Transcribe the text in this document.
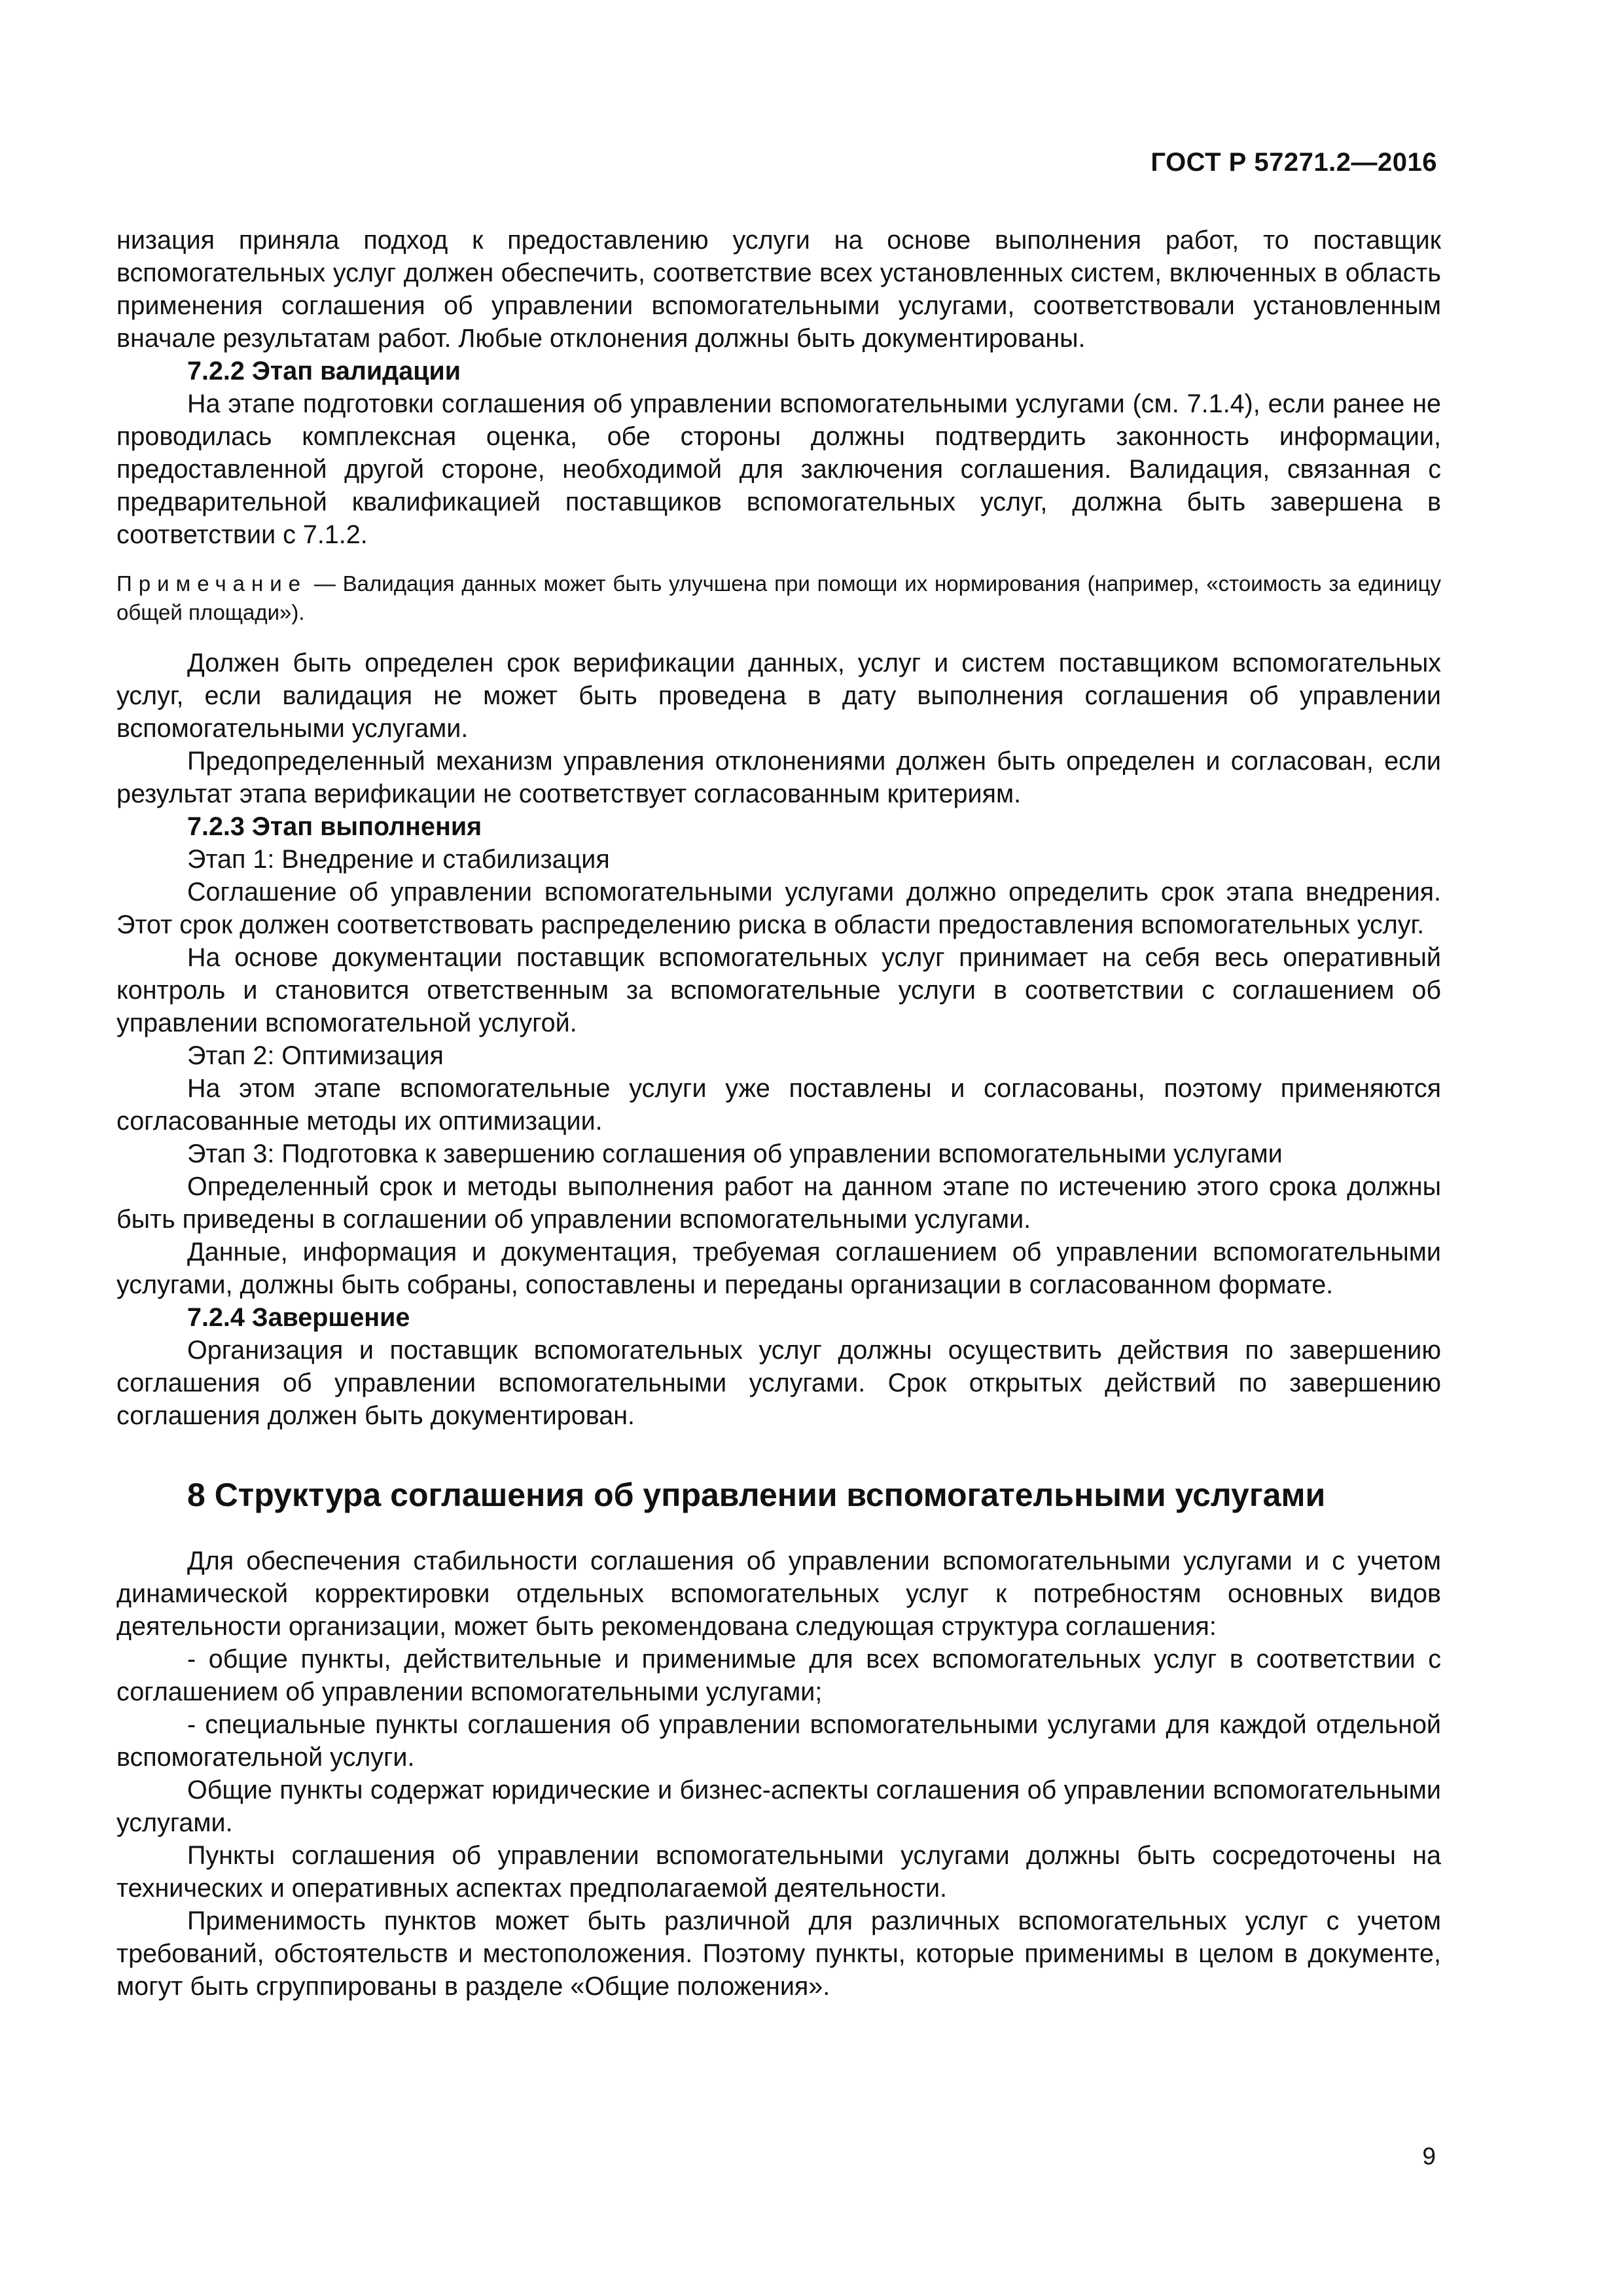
ГОСТ Р 57271.2—2016

низация приняла подход к предоставлению услуги на основе выполнения работ, то поставщик вспомогательных услуг должен обеспечить, соответствие всех установленных систем, включенных в область применения соглашения об управлении вспомогательными услугами, соответствовали установленным вначале результатам работ. Любые отклонения должны быть документированы.

7.2.2 Этап валидации

На этапе подготовки соглашения об управлении вспомогательными услугами (см. 7.1.4), если ранее не проводилась комплексная оценка, обе стороны должны подтвердить законность информации, предоставленной другой стороне, необходимой для заключения соглашения. Валидация, связанная с предварительной квалификацией поставщиков вспомогательных услуг, должна быть завершена в соответствии с 7.1.2.

Примечание — Валидация данных может быть улучшена при помощи их нормирования (например, «стоимость за единицу общей площади»).

Должен быть определен срок верификации данных, услуг и систем поставщиком вспомогательных услуг, если валидация не может быть проведена в дату выполнения соглашения об управлении вспомогательными услугами.

Предопределенный механизм управления отклонениями должен быть определен и согласован, если результат этапа верификации не соответствует согласованным критериям.

7.2.3 Этап выполнения

Этап 1: Внедрение и стабилизация

Соглашение об управлении вспомогательными услугами должно определить срок этапа внедрения. Этот срок должен соответствовать распределению риска в области предоставления вспомогательных услуг.

На основе документации поставщик вспомогательных услуг принимает на себя весь оперативный контроль и становится ответственным за вспомогательные услуги в соответствии с соглашением об управлении вспомогательной услугой.

Этап 2: Оптимизация

На этом этапе вспомогательные услуги уже поставлены и согласованы, поэтому применяются согласованные методы их оптимизации.

Этап 3: Подготовка к завершению соглашения об управлении вспомогательными услугами

Определенный срок и методы выполнения работ на данном этапе по истечению этого срока должны быть приведены в соглашении об управлении вспомогательными услугами.

Данные, информация и документация, требуемая соглашением об управлении вспомогательными услугами, должны быть собраны, сопоставлены и переданы организации в согласованном формате.

7.2.4 Завершение

Организация и поставщик вспомогательных услуг должны осуществить действия по завершению соглашения об управлении вспомогательными услугами. Срок открытых действий по завершению соглашения должен быть документирован.

8 Структура соглашения об управлении вспомогательными услугами

Для обеспечения стабильности соглашения об управлении вспомогательными услугами и с учетом динамической корректировки отдельных вспомогательных услуг к потребностям основных видов деятельности организации, может быть рекомендована следующая структура соглашения:

- общие пункты, действительные и применимые для всех вспомогательных услуг в соответствии с соглашением об управлении вспомогательными услугами;

- специальные пункты соглашения об управлении вспомогательными услугами для каждой отдельной вспомогательной услуги.

Общие пункты содержат юридические и бизнес-аспекты соглашения об управлении вспомогательными услугами.

Пункты соглашения об управлении вспомогательными услугами должны быть сосредоточены на технических и оперативных аспектах предполагаемой деятельности.

Применимость пунктов может быть различной для различных вспомогательных услуг с учетом требований, обстоятельств и местоположения. Поэтому пункты, которые применимы в целом в документе, могут быть сгруппированы в разделе «Общие положения».

9
